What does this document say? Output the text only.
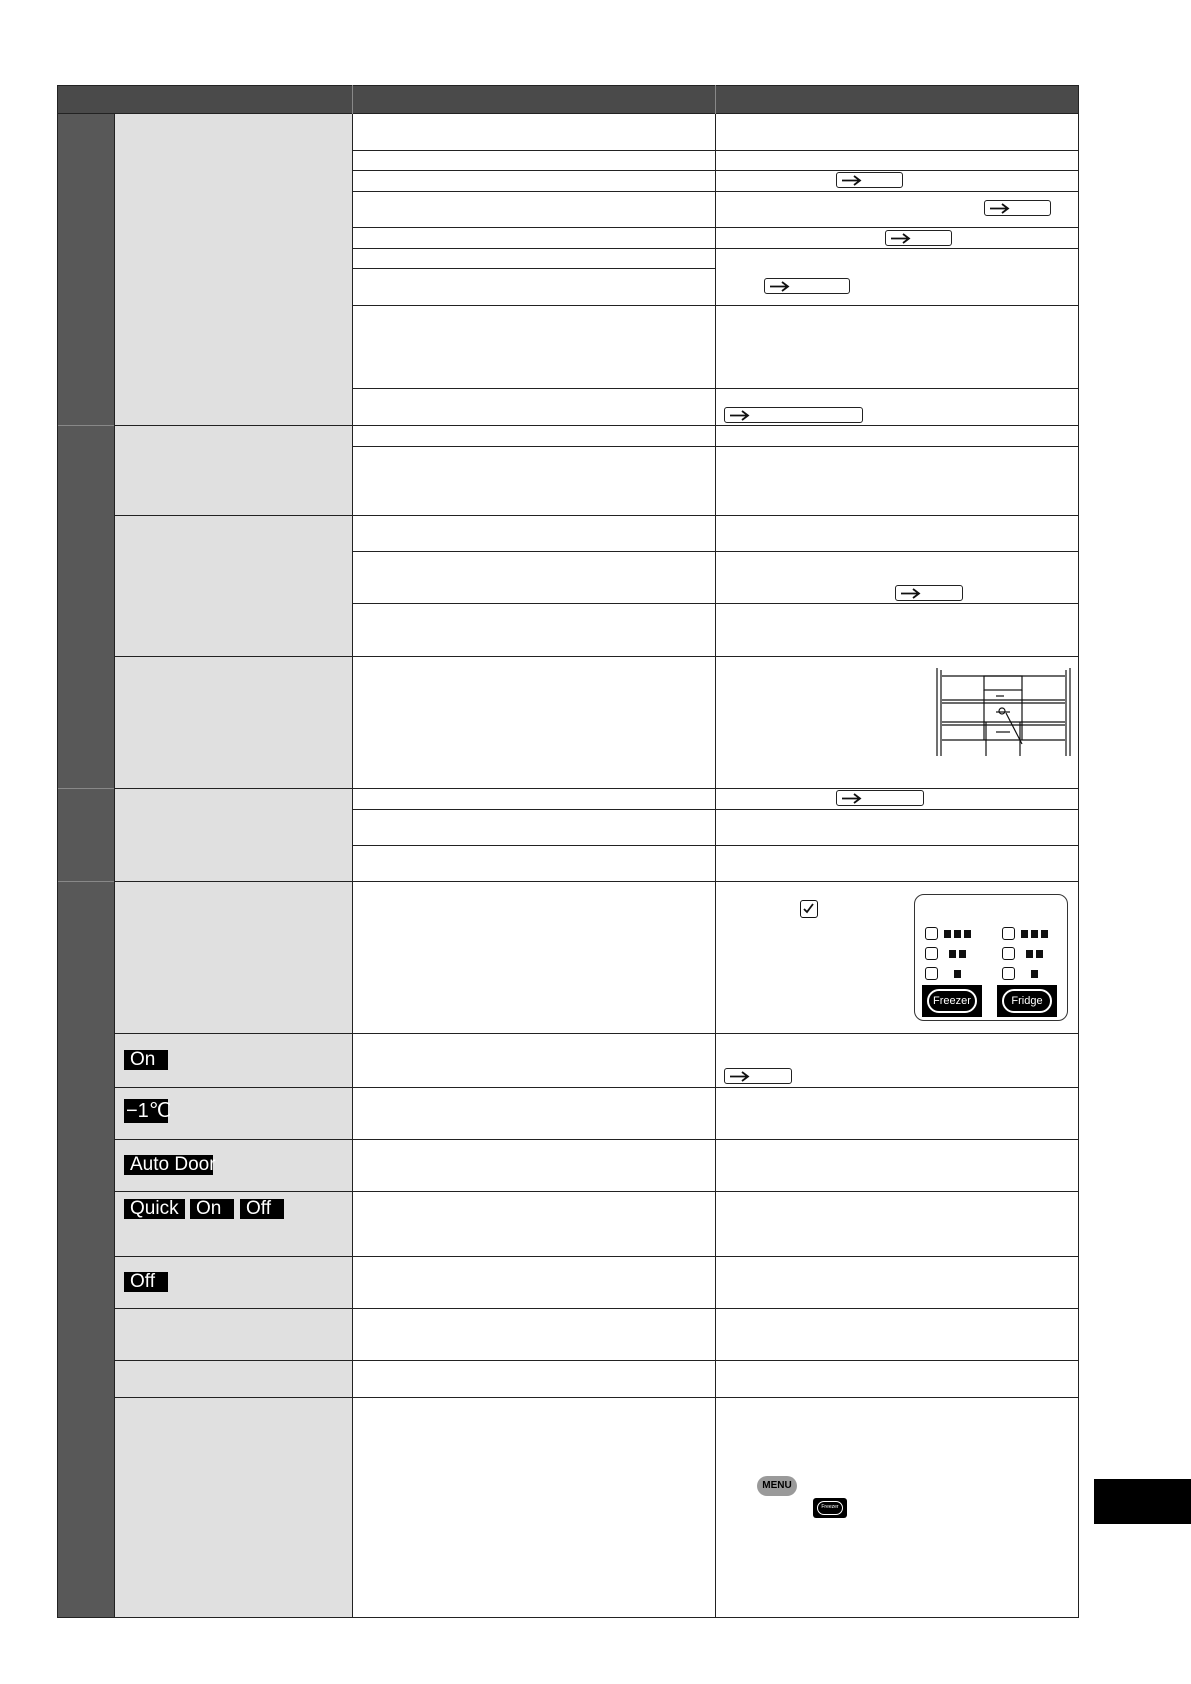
Freezer	Fridge
On
−1℃
Auto Door
Quick On	Off
Off
MENU
Freezer
